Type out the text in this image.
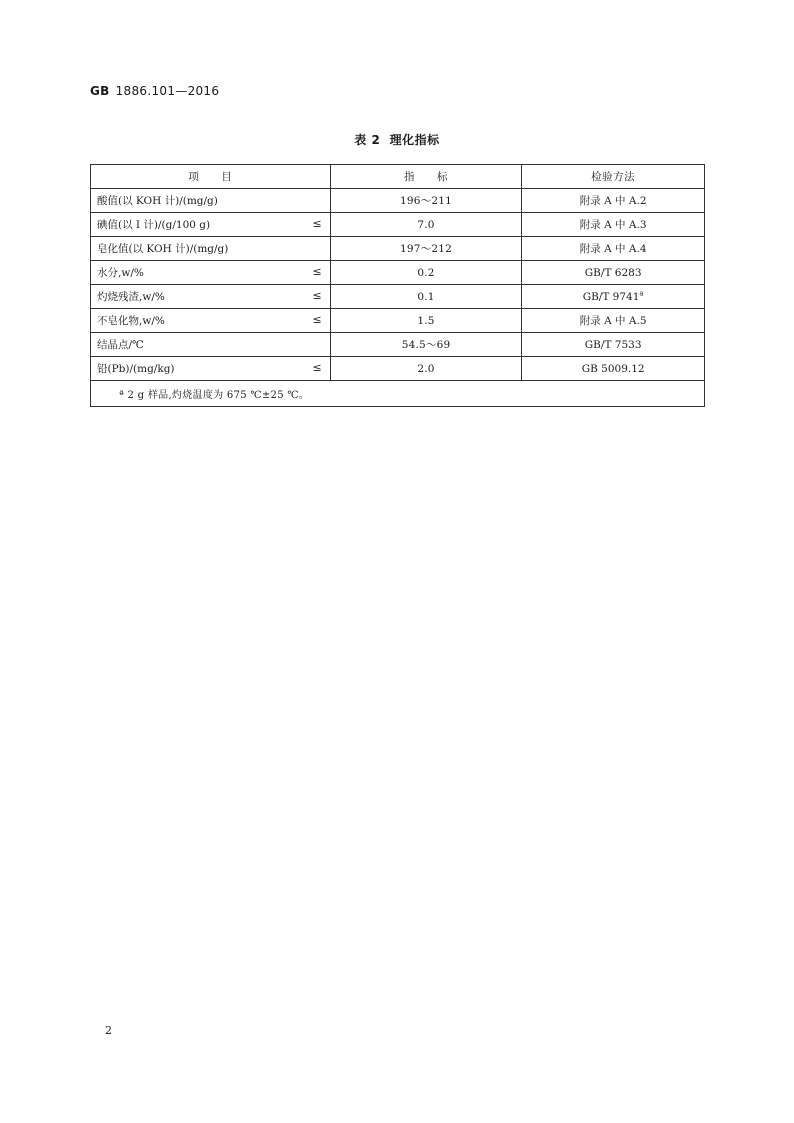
GB 1886.101—2016
表 2  理化指标
项　　目	指　　标	检验方法
酸值(以 KOH 计)/(mg/g)	196～211	附录 A 中 A.2
碘值(以 I 计)/(g/100 g) ≤	7.0	附录 A 中 A.3
皂化值(以 KOH 计)/(mg/g)	197～212	附录 A 中 A.4
水分,w/% ≤	0.2	GB/T 6283
灼烧残渣,w/% ≤	0.1	GB/T 9741$^a$
不皂化物,w/% ≤	1.5	附录 A 中 A.5
结晶点/℃	54.5～69	GB/T 7533
铅(Pb)/(mg/kg) ≤	2.0	GB 5009.12
ª 2 g 样品,灼烧温度为 675 ℃±25 ℃。		
2
